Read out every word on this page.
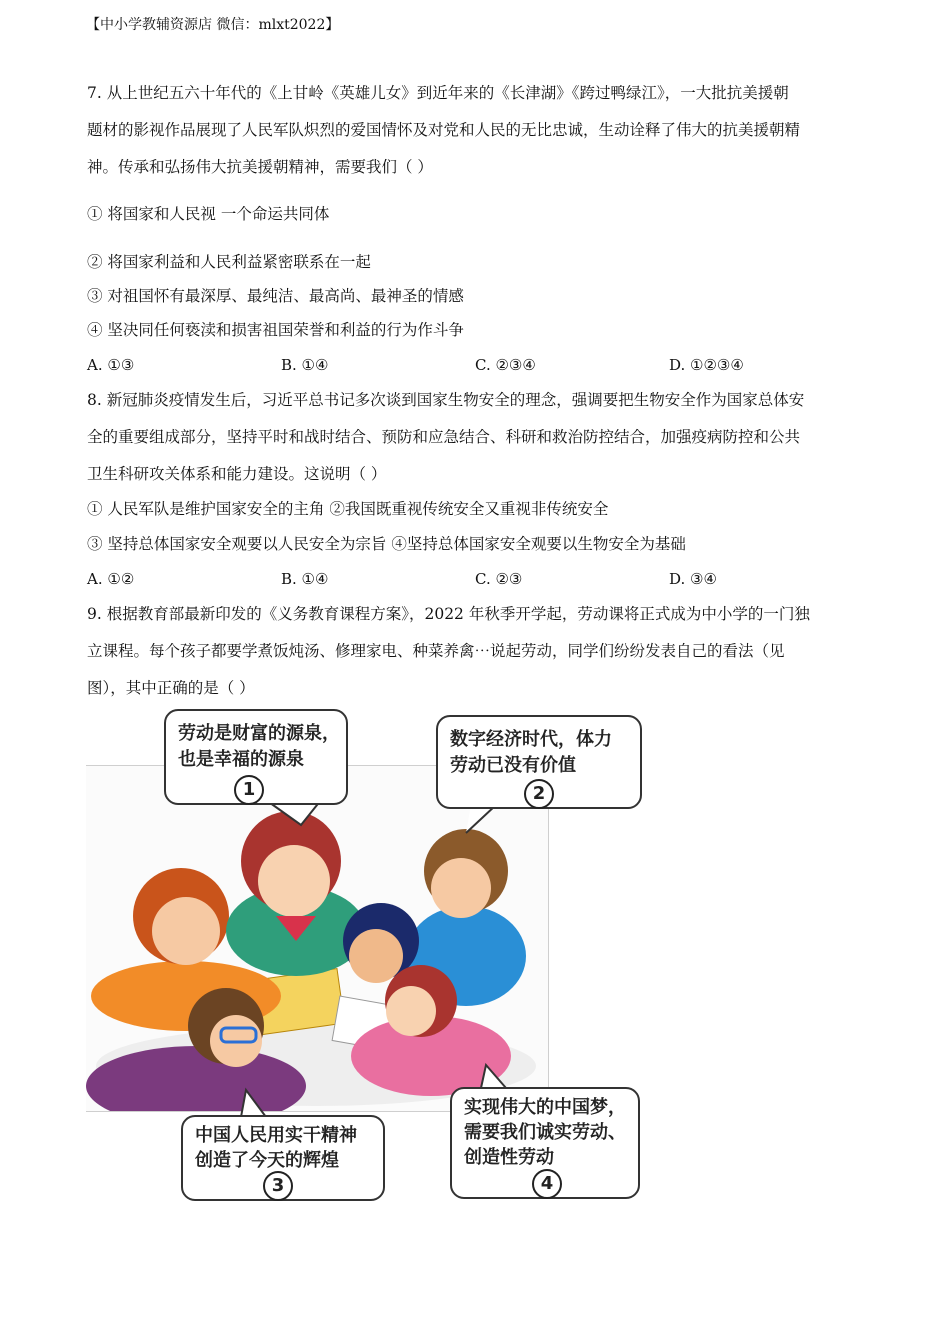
【中小学教辅资源店 微信：mlxt2022】
7. 从上世纪五六十年代的《上甘岭《英雄儿女》到近年来的《长津湖》《跨过鸭绿江》，一大批抗美援朝
题材的影视作品展现了人民军队炽烈的爱国情怀及对党和人民的无比忠诚，生动诠释了伟大的抗美援朝精
神。传承和弘扬伟大抗美援朝精神，需要我们（ ）
① 将国家和人民视 一个命运共同体
② 将国家利益和人民利益紧密联系在一起
③ 对祖国怀有最深厚、最纯洁、最高尚、最神圣的情感
④ 坚决同任何亵渎和损害祖国荣誉和利益的行为作斗争
A. ①③	B. ①④	C. ②③④	D. ①②③④
8. 新冠肺炎疫情发生后，习近平总书记多次谈到国家生物安全的理念，强调要把生物安全作为国家总体安
全的重要组成部分，坚持平时和战时结合、预防和应急结合、科研和救治防控结合，加强疫病防控和公共
卫生科研攻关体系和能力建设。这说明（ ）
① 人民军队是维护国家安全的主角 ②我国既重视传统安全又重视非传统安全
③ 坚持总体国家安全观要以人民安全为宗旨 ④坚持总体国家安全观要以生物安全为基础
A. ①②	B. ①④	C. ②③	D. ③④
9. 根据教育部最新印发的《义务教育课程方案》，2022 年秋季开学起，劳动课将正式成为中小学的一门独
立课程。每个孩子都要学煮饭炖汤、修理家电、种菜养禽⋯说起劳动，同学们纷纷发表自己的看法（见
图），其中正确的是（ ）
劳动是财富的源泉，
也是幸福的源泉
1
数字经济时代，体力
劳动已没有价值
2
中国人民用实干精神
创造了今天的辉煌
3
实现伟大的中国梦，
需要我们诚实劳动、
创造性劳动
4
